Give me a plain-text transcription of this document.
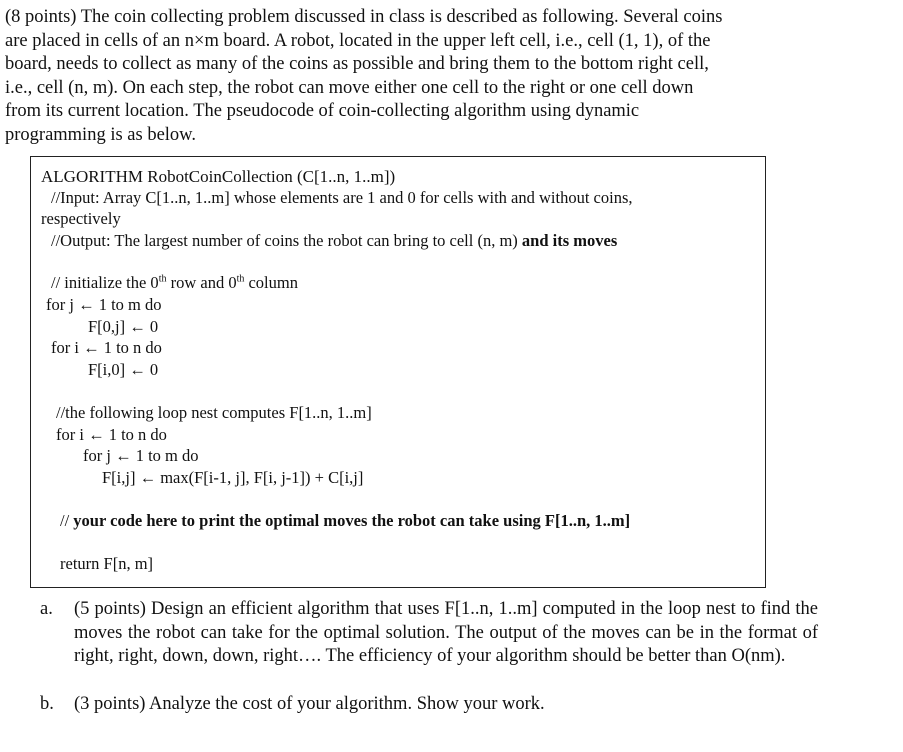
(8 points) The coin collecting problem discussed in class is described as following. Several coins
are placed in cells of an n×m board. A robot, located in the upper left cell, i.e., cell (1, 1), of the
board, needs to collect as many of the coins as possible and bring them to the bottom right cell,
i.e., cell (n, m). On each step, the robot can move either one cell to the right or one cell down
from its current location. The pseudocode of coin-collecting algorithm using dynamic
programming is as below.
ALGORITHM RobotCoinCollection (C[1..n, 1..m])
//Input: Array C[1..n, 1..m] whose elements are 1 and 0 for cells with and without coins,
respectively
//Output: The largest number of coins the robot can bring to cell (n, m) and its moves
// initialize the 0th row and 0th column
for j ← 1 to m do
F[0,j] ← 0
for i ← 1 to n do
F[i,0] ← 0
//the following loop nest computes F[1..n, 1..m]
for i ← 1 to n do
for j ← 1 to m do
F[i,j] ← max(F[i-1, j], F[i, j-1]) + C[i,j]
// your code here to print the optimal moves the robot can take using F[1..n, 1..m]
return F[n, m]
a. (5 points) Design an efficient algorithm that uses F[1..n, 1..m] computed in the loop nest to find the moves the robot can take for the optimal solution. The output of the moves can be in the format of right, right, down, down, right…. The efficiency of your algorithm should be better than O(nm).
b. (3 points) Analyze the cost of your algorithm. Show your work.
